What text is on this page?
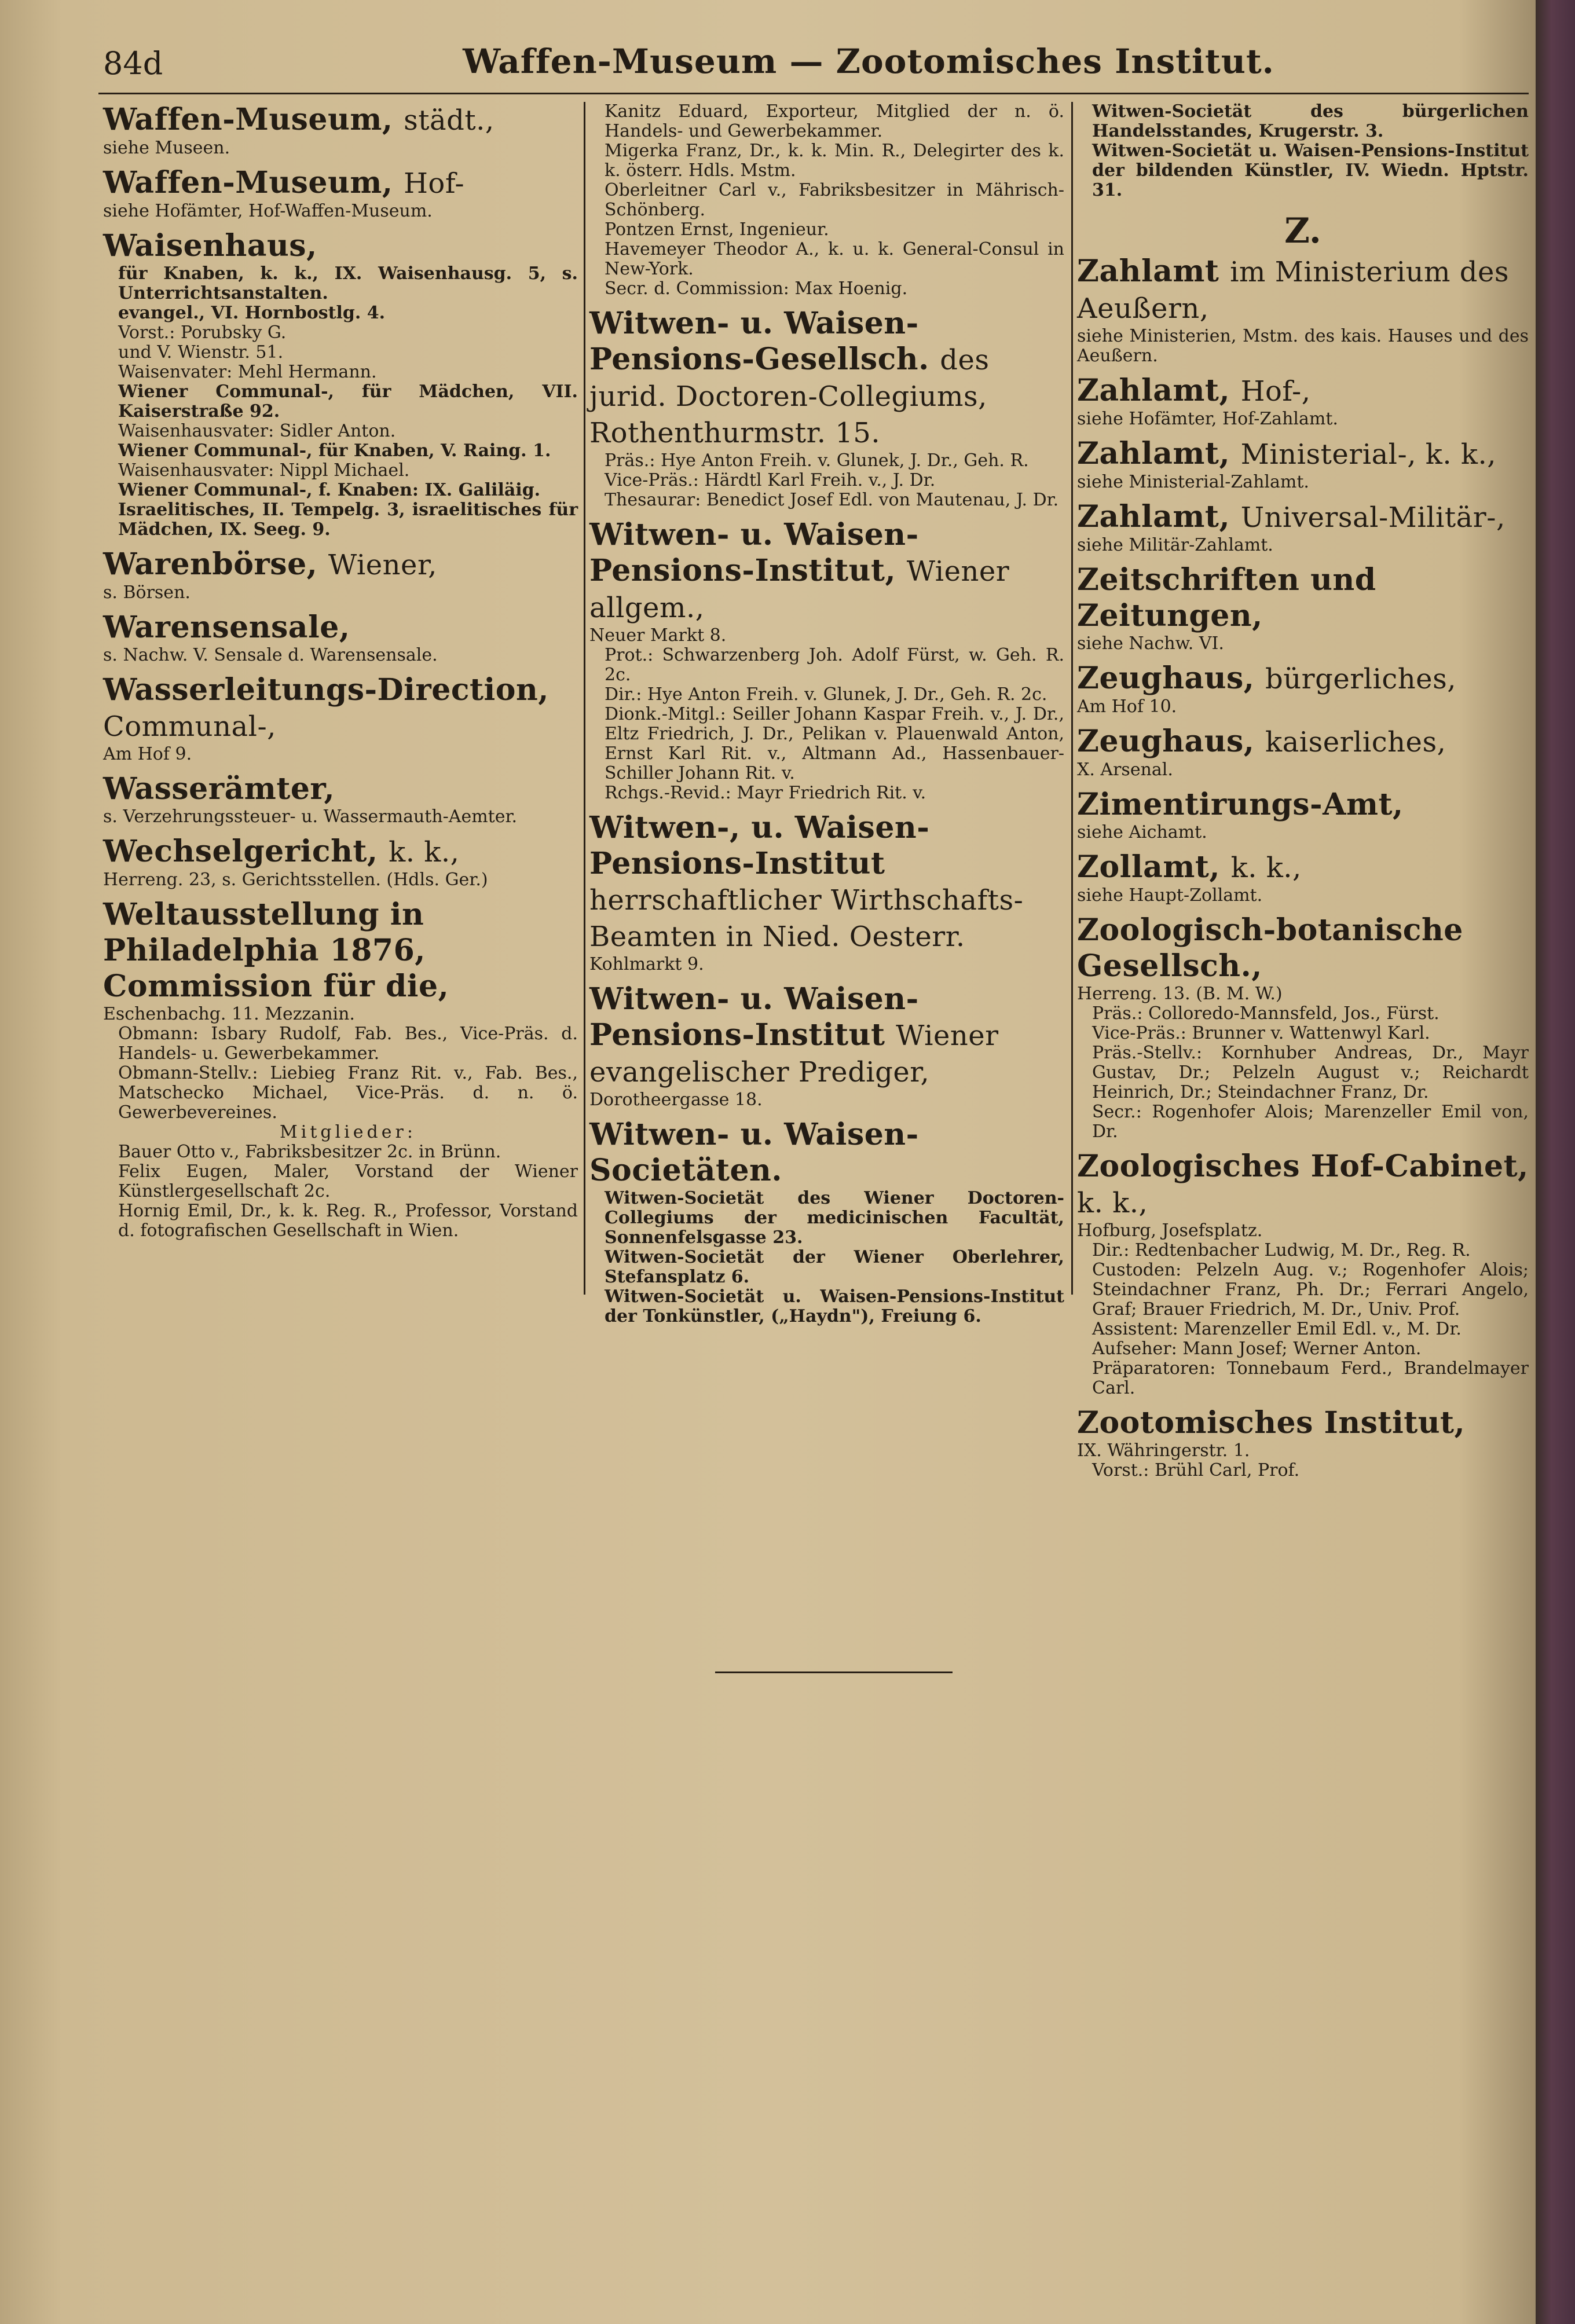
84d	Waffen-Museum — Zootomisches Institut.
Waffen-Museum, städt.,

siehe Museen.

Waffen-Museum, Hof-

siehe Hofämter, Hof-Waffen-Museum.

Waisenhaus,

für Knaben, k. k., IX. Waisenhausg. 5, s. Unterrichtsanstalten.

evangel., VI. Hornbostlg. 4.

Vorst.: Porubsky G.

und V. Wienstr. 51.

Waisenvater: Mehl Hermann.

Wiener Communal-, für Mädchen, VII. Kaiserstraße 92.

Waisenhausvater: Sidler Anton.

Wiener Communal-, für Knaben, V. Raing. 1.

Waisenhausvater: Nippl Michael.

Wiener Communal-, f. Knaben: IX. Galiläig.

Israelitisches, II. Tempelg. 3, israelitisches für Mädchen, IX. Seeg. 9.

Warenbörse, Wiener,

s. Börsen.

Warensensale,

s. Nachw. V. Sensale d. Warensensale.

Wasserleitungs-Direction, Communal-,

Am Hof 9.

Wasserämter,

s. Verzehrungssteuer- u. Wassermauth-Aemter.

Wechselgericht, k. k.,

Herreng. 23, s. Gerichtsstellen. (Hdls. Ger.)

Weltausstellung in Philadelphia 1876, Commission für die,

Eschenbachg. 11. Mezzanin.

Obmann: Isbary Rudolf, Fab. Bes., Vice-Präs. d. Handels- u. Gewerbekammer.

Obmann-Stellv.: Liebieg Franz Rit. v., Fab. Bes., Matschecko Michael, Vice-Präs. d. n. ö. Gewerbevereines.

Mitglieder:

Bauer Otto v., Fabriksbesitzer 2c. in Brünn.

Felix Eugen, Maler, Vorstand der Wiener Künstlergesellschaft 2c.

Hornig Emil, Dr., k. k. Reg. R., Professor, Vorstand d. fotografischen Gesellschaft in Wien.

Kanitz Eduard, Exporteur, Mitglied der n. ö. Handels- und Gewerbekammer.

Migerka Franz, Dr., k. k. Min. R., Delegirter des k. k. österr. Hdls. Mstm.

Oberleitner Carl v., Fabriksbesitzer in Mährisch-Schönberg.

Pontzen Ernst, Ingenieur.

Havemeyer Theodor A., k. u. k. General-Consul in New-York.

Secr. d. Commission: Max Hoenig.

Witwen- u. Waisen-Pensions-Gesellsch. des jurid. Doctoren-Collegiums, Rothenthurmstr. 15.

Präs.: Hye Anton Freih. v. Glunek, J. Dr., Geh. R.

Vice-Präs.: Härdtl Karl Freih. v., J. Dr.

Thesaurar: Benedict Josef Edl. von Mautenau, J. Dr.

Witwen- u. Waisen-Pensions-Institut, Wiener allgem.,

Neuer Markt 8.

Prot.: Schwarzenberg Joh. Adolf Fürst, w. Geh. R. 2c.

Dir.: Hye Anton Freih. v. Glunek, J. Dr., Geh. R. 2c.

Dionk.-Mitgl.: Seiller Johann Kaspar Freih. v., J. Dr., Eltz Friedrich, J. Dr., Pelikan v. Plauenwald Anton, Ernst Karl Rit. v., Altmann Ad., Hassenbauer-Schiller Johann Rit. v.

Rchgs.-Revid.: Mayr Friedrich Rit. v.

Witwen-, u. Waisen-Pensions-Institut herrschaftlicher Wirthschafts-Beamten in Nied. Oesterr.

Kohlmarkt 9.

Witwen- u. Waisen-Pensions-Institut Wiener evangelischer Prediger,

Dorotheergasse 18.

Witwen- u. Waisen-Societäten.

Witwen-Societät des Wiener Doctoren-Collegiums der medicinischen Facultät, Sonnenfelsgasse 23.

Witwen-Societät der Wiener Oberlehrer, Stefansplatz 6.

Witwen-Societät u. Waisen-Pensions-Institut der Tonkünstler, („Haydn"), Freiung 6.

Witwen-Societät des bürgerlichen Handelsstandes, Krugerstr. 3.

Witwen-Societät u. Waisen-Pensions-Institut der bildenden Künstler, IV. Wiedn. Hptstr. 31.

Z.
Zahlamt im Ministerium des Aeußern,

siehe Ministerien, Mstm. des kais. Hauses und des Aeußern.

Zahlamt, Hof-,

siehe Hofämter, Hof-Zahlamt.

Zahlamt, Ministerial-, k. k.,

siehe Ministerial-Zahlamt.

Zahlamt, Universal-Militär-,

siehe Militär-Zahlamt.

Zeitschriften und Zeitungen,

siehe Nachw. VI.

Zeughaus, bürgerliches,

Am Hof 10.

Zeughaus, kaiserliches,

X. Arsenal.

Zimentirungs-Amt,

siehe Aichamt.

Zollamt, k. k.,

siehe Haupt-Zollamt.

Zoologisch-botanische Gesellsch.,

Herreng. 13. (B. M. W.)

Präs.: Colloredo-Mannsfeld, Jos., Fürst.

Vice-Präs.: Brunner v. Wattenwyl Karl.

Präs.-Stellv.: Kornhuber Andreas, Dr., Mayr Gustav, Dr.; Pelzeln August v.; Reichardt Heinrich, Dr.; Steindachner Franz, Dr.

Secr.: Rogenhofer Alois; Marenzeller Emil von, Dr.

Zoologisches Hof-Cabinet, k. k.,

Hofburg, Josefsplatz.

Dir.: Redtenbacher Ludwig, M. Dr., Reg. R.

Custoden: Pelzeln Aug. v.; Rogenhofer Alois; Steindachner Franz, Ph. Dr.; Ferrari Angelo, Graf; Brauer Friedrich, M. Dr., Univ. Prof.

Assistent: Marenzeller Emil Edl. v., M. Dr.

Aufseher: Mann Josef; Werner Anton.

Präparatoren: Tonnebaum Ferd., Brandelmayer Carl.

Zootomisches Institut,

IX. Währingerstr. 1.

Vorst.: Brühl Carl, Prof.
